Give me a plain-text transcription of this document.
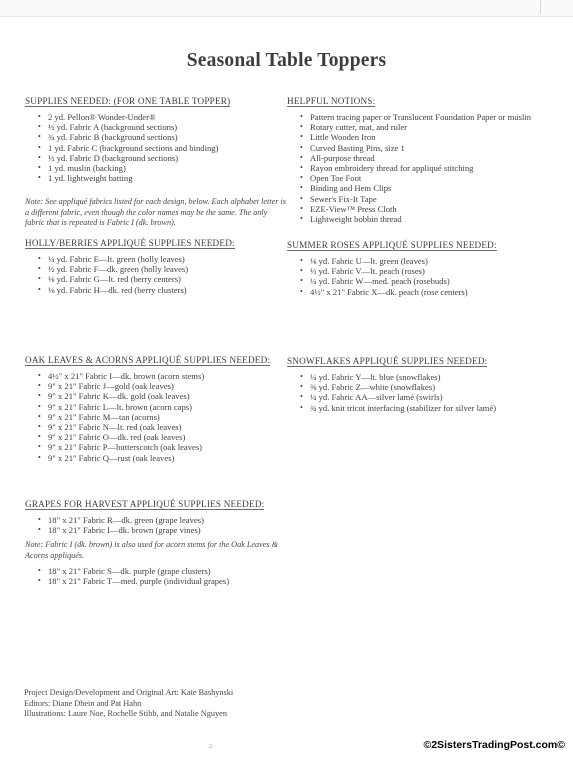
Seasonal Table Toppers
SUPPLIES NEEDED: (FOR ONE TABLE TOPPER)
• 2 yd. Pellon® Wonder-Under®
• ½ yd. Fabric A (background sections)
• ¾ yd. Fabric B (background sections)
• 1 yd. Fabric C (background sections and binding)
• ½ yd. Fabric D (background sections)
• 1 yd. muslin (backing)
• 1 yd. lightweight batting

Note: See appliqué fabrics listed for each design, below. Each alphabet letter is a different fabric, even though the color names may be the same. The only fabric that is repeated is Fabric I (dk. brown).

HELPFUL NOTIONS:
• Pattern tracing paper or Translucent Foundation Paper or muslin
• Rotary cutter, mat, and ruler
• Little Wooden Iron
• Curved Basting Pins, size 1
• All-purpose thread
• Rayon embroidery thread for appliqué stitching
• Open Toe Foot
• Binding and Hem Clips
• Sewer's Fix-It Tape
• EZE-View™ Press Cloth
• Lightweight bobbin thread
HOLLY/BERRIES APPLIQUÉ SUPPLIES NEEDED:
• ¼ yd. Fabric E—lt. green (holly leaves)
• ½ yd. Fabric F—dk. green (holly leaves)
• ⅛ yd. Fabric G—lt. red (berry centers)
• ⅛ yd. Fabric H—dk. red (berry clusters)
SUMMER ROSES APPLIQUÉ SUPPLIES NEEDED:
• ⅛ yd. Fabric U—lt. green (leaves)
• ⅓ yd. Fabric V—lt. peach (roses)
• ¼ yd. Fabric W—med. peach (rosebuds)
• 4½" x 21" Fabric X—dk. peach (rose centers)
OAK LEAVES & ACORNS APPLIQUÉ SUPPLIES NEEDED:
• 4½" x 21" Fabric I—dk. brown (acorn stems)
• 9" x 21" Fabric J—gold (oak leaves)
• 9" x 21" Fabric K—dk. gold (oak leaves)
• 9" x 21" Fabric L—lt. brown (acorn caps)
• 9" x 21" Fabric M—tan (acorns)
• 9" x 21" Fabric N—lt. red (oak leaves)
• 9" x 21" Fabric O—dk. red (oak leaves)
• 9" x 21" Fabric P—butterscotch (oak leaves)
• 9" x 21" Fabric Q—rust (oak leaves)
SNOWFLAKES APPLIQUÉ SUPPLIES NEEDED:
• ¼ yd. Fabric Y—lt. blue (snowflakes)
• ⅜ yd. Fabric Z—white (snowflakes)
• ¼ yd. Fabric AA—silver lamé (swirls)
• ¾ yd. knit tricot interfacing (stabilizer for silver lamé)
GRAPES FOR HARVEST APPLIQUÉ SUPPLIES NEEDED:
• 18" x 21" Fabric R—dk. green (grape leaves)
• 18" x 21" Fabric I—dk. brown (grape vines)

Note: Fabric I (dk. brown) is also used for acorn stems for the Oak Leaves & Acorns appliqués.

• 18" x 21" Fabric S—dk. purple (grape clusters)
• 18" x 21" Fabric T—med. purple (individual grapes)
Project Design/Development and Original Art: Kate Bashynski
Editors: Diane Dhein and Pat Hahn
Illustrations: Laure Noe, Rochelle Stibb, and Natalie Nguyen
2	©2SistersTradingPost.com©
